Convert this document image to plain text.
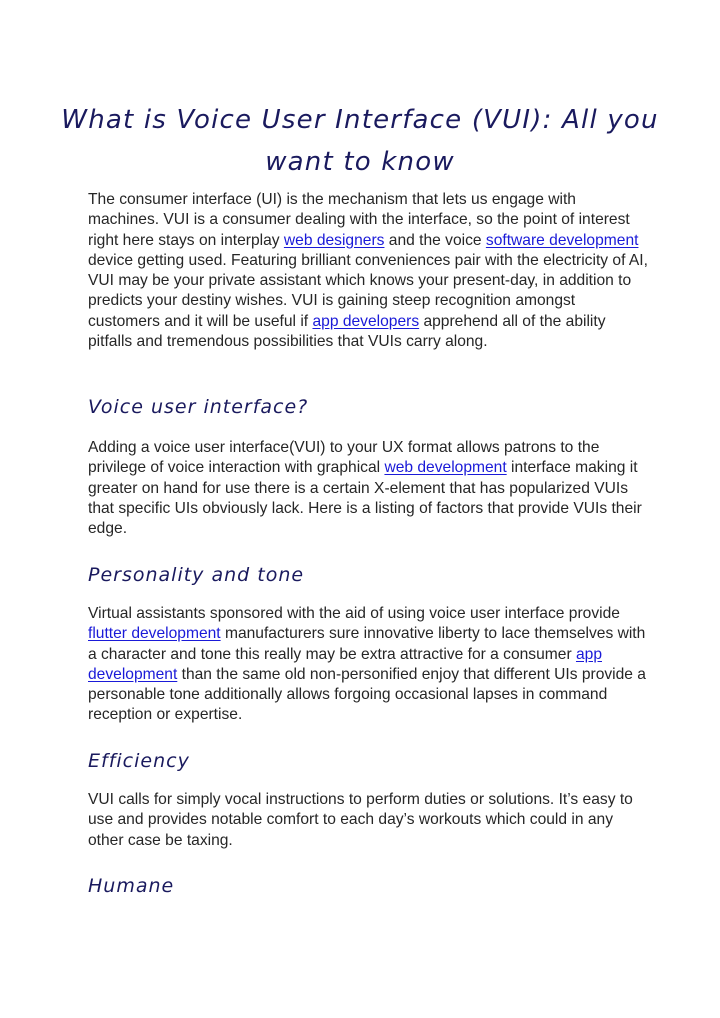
What is Voice User Interface (VUI): All you want to know

The consumer interface (UI) is the mechanism that lets us engage with machines. VUI is a consumer dealing with the interface, so the point of interest right here stays on interplay web designers and the voice software development device getting used. Featuring brilliant conveniences pair with the electricity of AI, VUI may be your private assistant which knows your present-day, in addition to predicts your destiny wishes. VUI is gaining steep recognition amongst customers and it will be useful if app developers apprehend all of the ability pitfalls and tremendous possibilities that VUIs carry along.

Voice user interface?

Adding a voice user interface(VUI) to your UX format allows patrons to the privilege of voice interaction with graphical web development interface making it greater on hand for use there is a certain X-element that has popularized VUIs that specific UIs obviously lack. Here is a listing of factors that provide VUIs their edge.

Personality and tone

Virtual assistants sponsored with the aid of using voice user interface provide flutter development manufacturers sure innovative liberty to lace themselves with a character and tone this really may be extra attractive for a consumer app development than the same old non-personified enjoy that different UIs provide a personable tone additionally allows forgoing occasional lapses in command reception or expertise.

Efficiency

VUI calls for simply vocal instructions to perform duties or solutions. It’s easy to use and provides notable comfort to each day’s workouts which could in any other case be taxing.

Humane
